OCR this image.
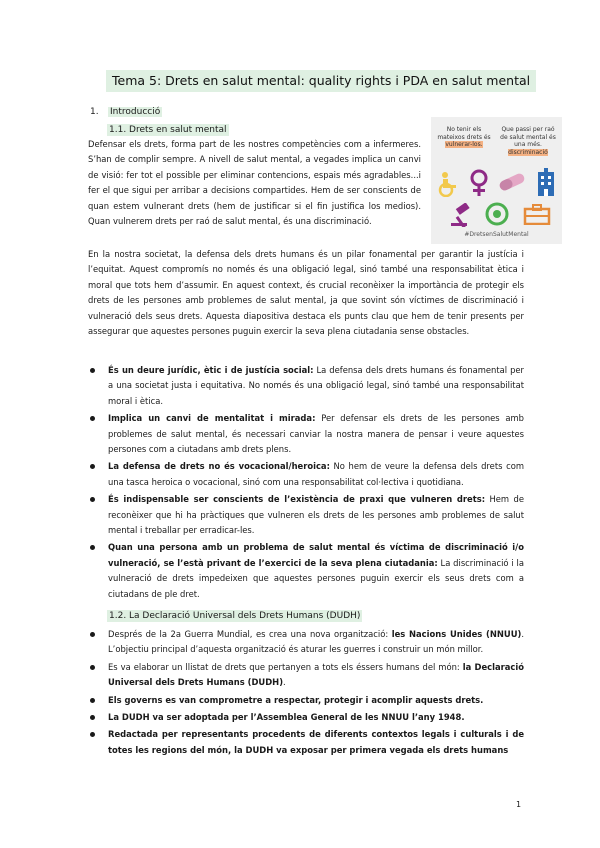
Tema 5: Drets en salut mental: quality rights i PDA en salut mental
1. Introducció
1.1. Drets en salut mental

Defensar els drets, forma part de les nostres competències com a infermeres. S’han de complir sempre. A nivell de salut mental, a vegades implica un canvi de visió: fer tot el possible per eliminar contencions, espais més agradables...i fer el que sigui per arribar a decisions compartides. Hem de ser conscients de quan estem vulnerant drets (hem de justificar si el fin justifica los medios). Quan vulnerem drets per raó de salut mental, és una discriminació.

No tenir els mateixos drets és vulnerar-los.
Que passi per raó de salut mental és una més. discriminació
#DretsenSalutMental

En la nostra societat, la defensa dels drets humans és un pilar fonamental per garantir la justícia i l’equitat. Aquest compromís no només és una obligació legal, sinó també una responsabilitat ètica i moral que tots hem d’assumir. En aquest context, és crucial reconèixer la importància de protegir els drets de les persones amb problemes de salut mental, ja que sovint són víctimes de discriminació i vulneració dels seus drets. Aquesta diapositiva destaca els punts clau que hem de tenir presents per assegurar que aquestes persones puguin exercir la seva plena ciutadania sense obstacles.

És un deure jurídic, ètic i de justícia social: La defensa dels drets humans és fonamental per a una societat justa i equitativa. No només és una obligació legal, sinó també una responsabilitat moral i ètica.
Implica un canvi de mentalitat i mirada: Per defensar els drets de les persones amb problemes de salut mental, és necessari canviar la nostra manera de pensar i veure aquestes persones com a ciutadans amb drets plens.
La defensa de drets no és vocacional/heroica: No hem de veure la defensa dels drets com una tasca heroica o vocacional, sinó com una responsabilitat col·lectiva i quotidiana.
És indispensable ser conscients de l’existència de praxi que vulneren drets: Hem de reconèixer que hi ha pràctiques que vulneren els drets de les persones amb problemes de salut mental i treballar per erradicar-les.
Quan una persona amb un problema de salut mental és víctima de discriminació i/o vulneració, se l’està privant de l’exercici de la seva plena ciutadania: La discriminació i la vulneració de drets impedeixen que aquestes persones puguin exercir els seus drets com a ciutadans de ple dret.
1.2. La Declaració Universal dels Drets Humans (DUDH)
Després de la 2a Guerra Mundial, es crea una nova organització: les Nacions Unides (NNUU). L’objectiu principal d’aquesta organització és aturar les guerres i construir un món millor.
Es va elaborar un llistat de drets que pertanyen a tots els éssers humans del món: la Declaració Universal dels Drets Humans (DUDH).
Els governs es van comprometre a respectar, protegir i acomplir aquests drets.
La DUDH va ser adoptada per l’Assemblea General de les NNUU l’any 1948.
Redactada per representants procedents de diferents contextos legals i culturals i de totes les regions del món, la DUDH va exposar per primera vegada els drets humans
1
